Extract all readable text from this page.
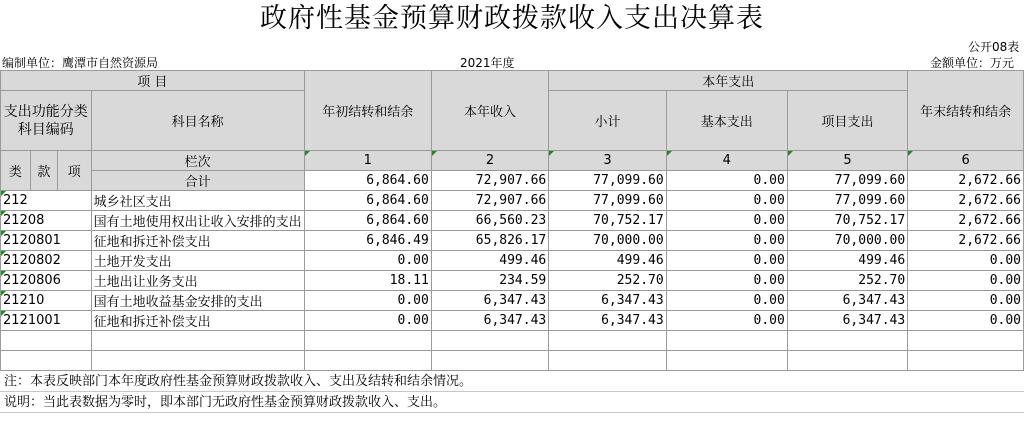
政府性基金预算财政拨款收入支出决算表
公开08表
编制单位：鹰潭市自然资源局	2021年度	金额单位：万元
项 目				年初结转和结余	本年收入	本年支出			年末结转和结余
支出功能分类科目编码			科目名称			小计	基本支出	项目支出	

类	款	项	栏次	1	2	3	4	5	6
			合计	6,864.60	72,907.66	77,099.60	0.00	77,099.60	2,672.66
212			城乡社区支出	6,864.60	72,907.66	77,099.60	0.00	77,099.60	2,672.66
21208			国有土地使用权出让收入安排的支出	6,864.60	66,560.23	70,752.17	0.00	70,752.17	2,672.66
2120801			征地和拆迁补偿支出	6,846.49	65,826.17	70,000.00	0.00	70,000.00	2,672.66
2120802			土地开发支出	0.00	499.46	499.46	0.00	499.46	0.00
2120806			土地出让业务支出	18.11	234.59	252.70	0.00	252.70	0.00
21210			国有土地收益基金安排的支出	0.00	6,347.43	6,347.43	0.00	6,347.43	0.00
2121001			征地和拆迁补偿支出	0.00	6,347.43	6,347.43	0.00	6,347.43	0.00

注：本表反映部门本年度政府性基金预算财政拨款收入、支出及结转和结余情况。
说明：当此表数据为零时，即本部门无政府性基金预算财政拨款收入、支出。
